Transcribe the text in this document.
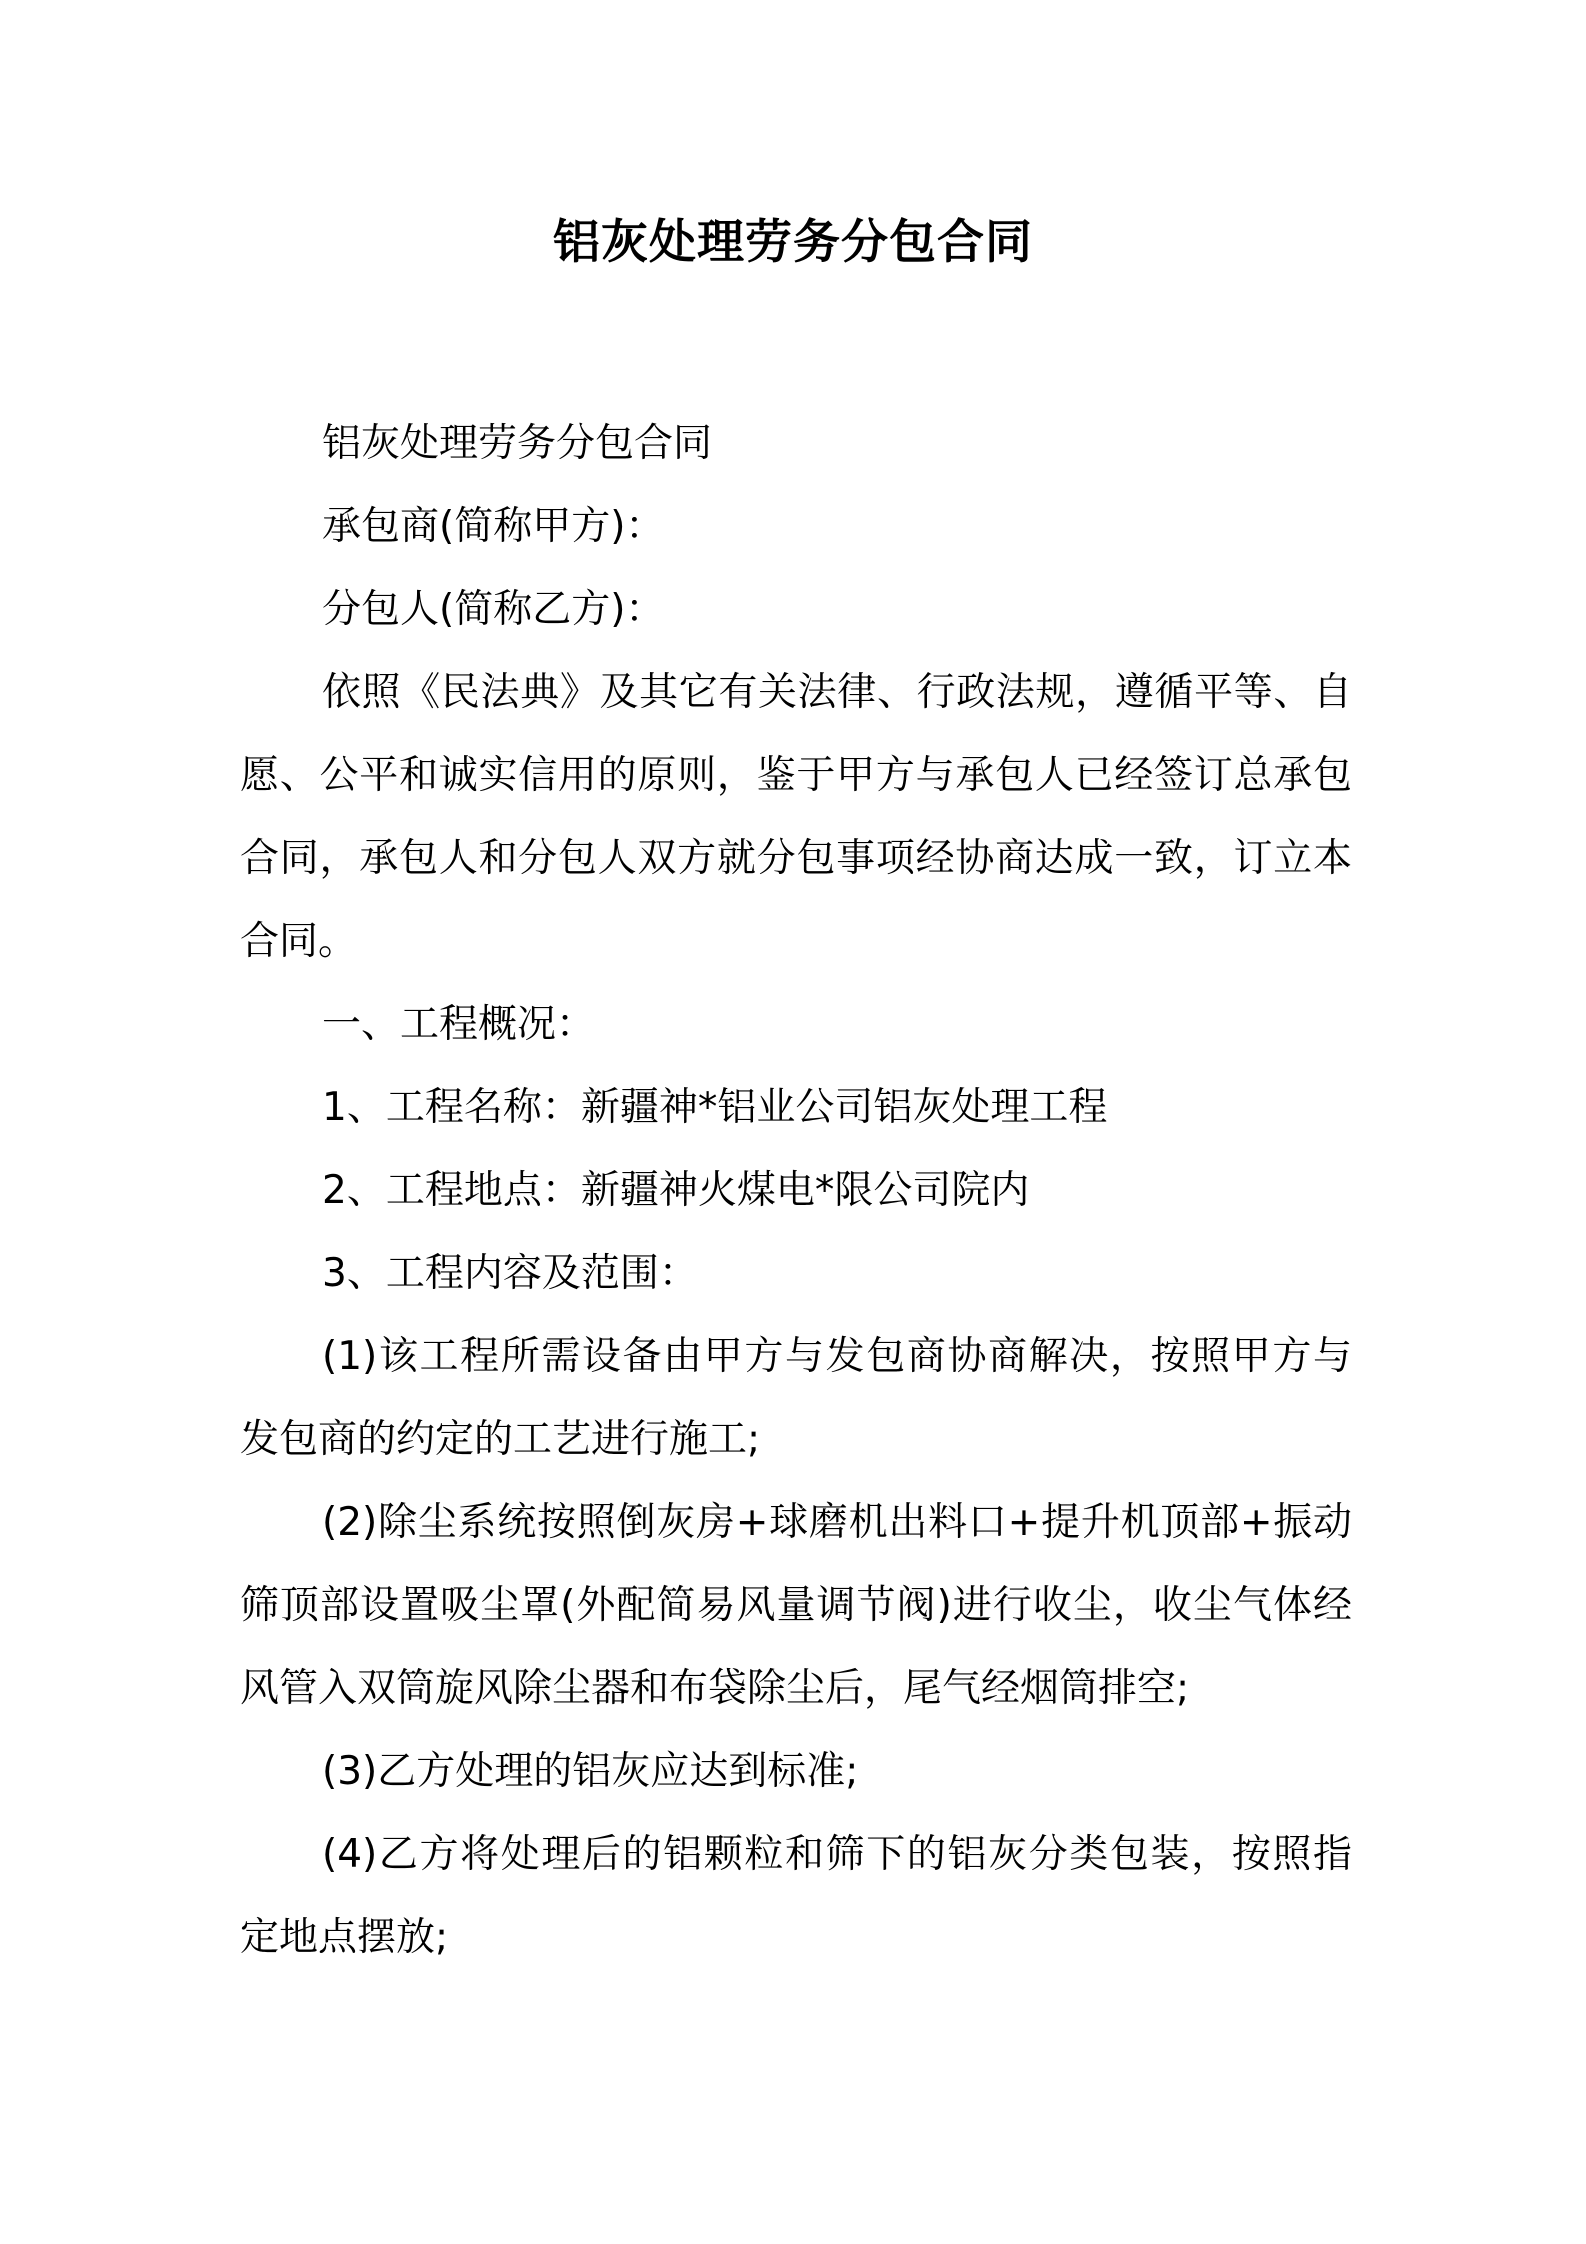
铝灰处理劳务分包合同

铝灰处理劳务分包合同

承包商(简称甲方)：

分包人(简称乙方)：

依照《民法典》及其它有关法律、行政法规，遵循平等、自愿、公平和诚实信用的原则，鉴于甲方与承包人已经签订总承包合同，承包人和分包人双方就分包事项经协商达成一致，订立本合同。

一、工程概况：

1、工程名称：新疆神*铝业公司铝灰处理工程

2、工程地点：新疆神火煤电*限公司院内

3、工程内容及范围：

(1)该工程所需设备由甲方与发包商协商解决，按照甲方与发包商的约定的工艺进行施工;

(2)除尘系统按照倒灰房+球磨机出料口+提升机顶部+振动筛顶部设置吸尘罩(外配简易风量调节阀)进行收尘，收尘气体经风管入双筒旋风除尘器和布袋除尘后，尾气经烟筒排空;

(3)乙方处理的铝灰应达到标准;

(4)乙方将处理后的铝颗粒和筛下的铝灰分类包装，按照指定地点摆放;
